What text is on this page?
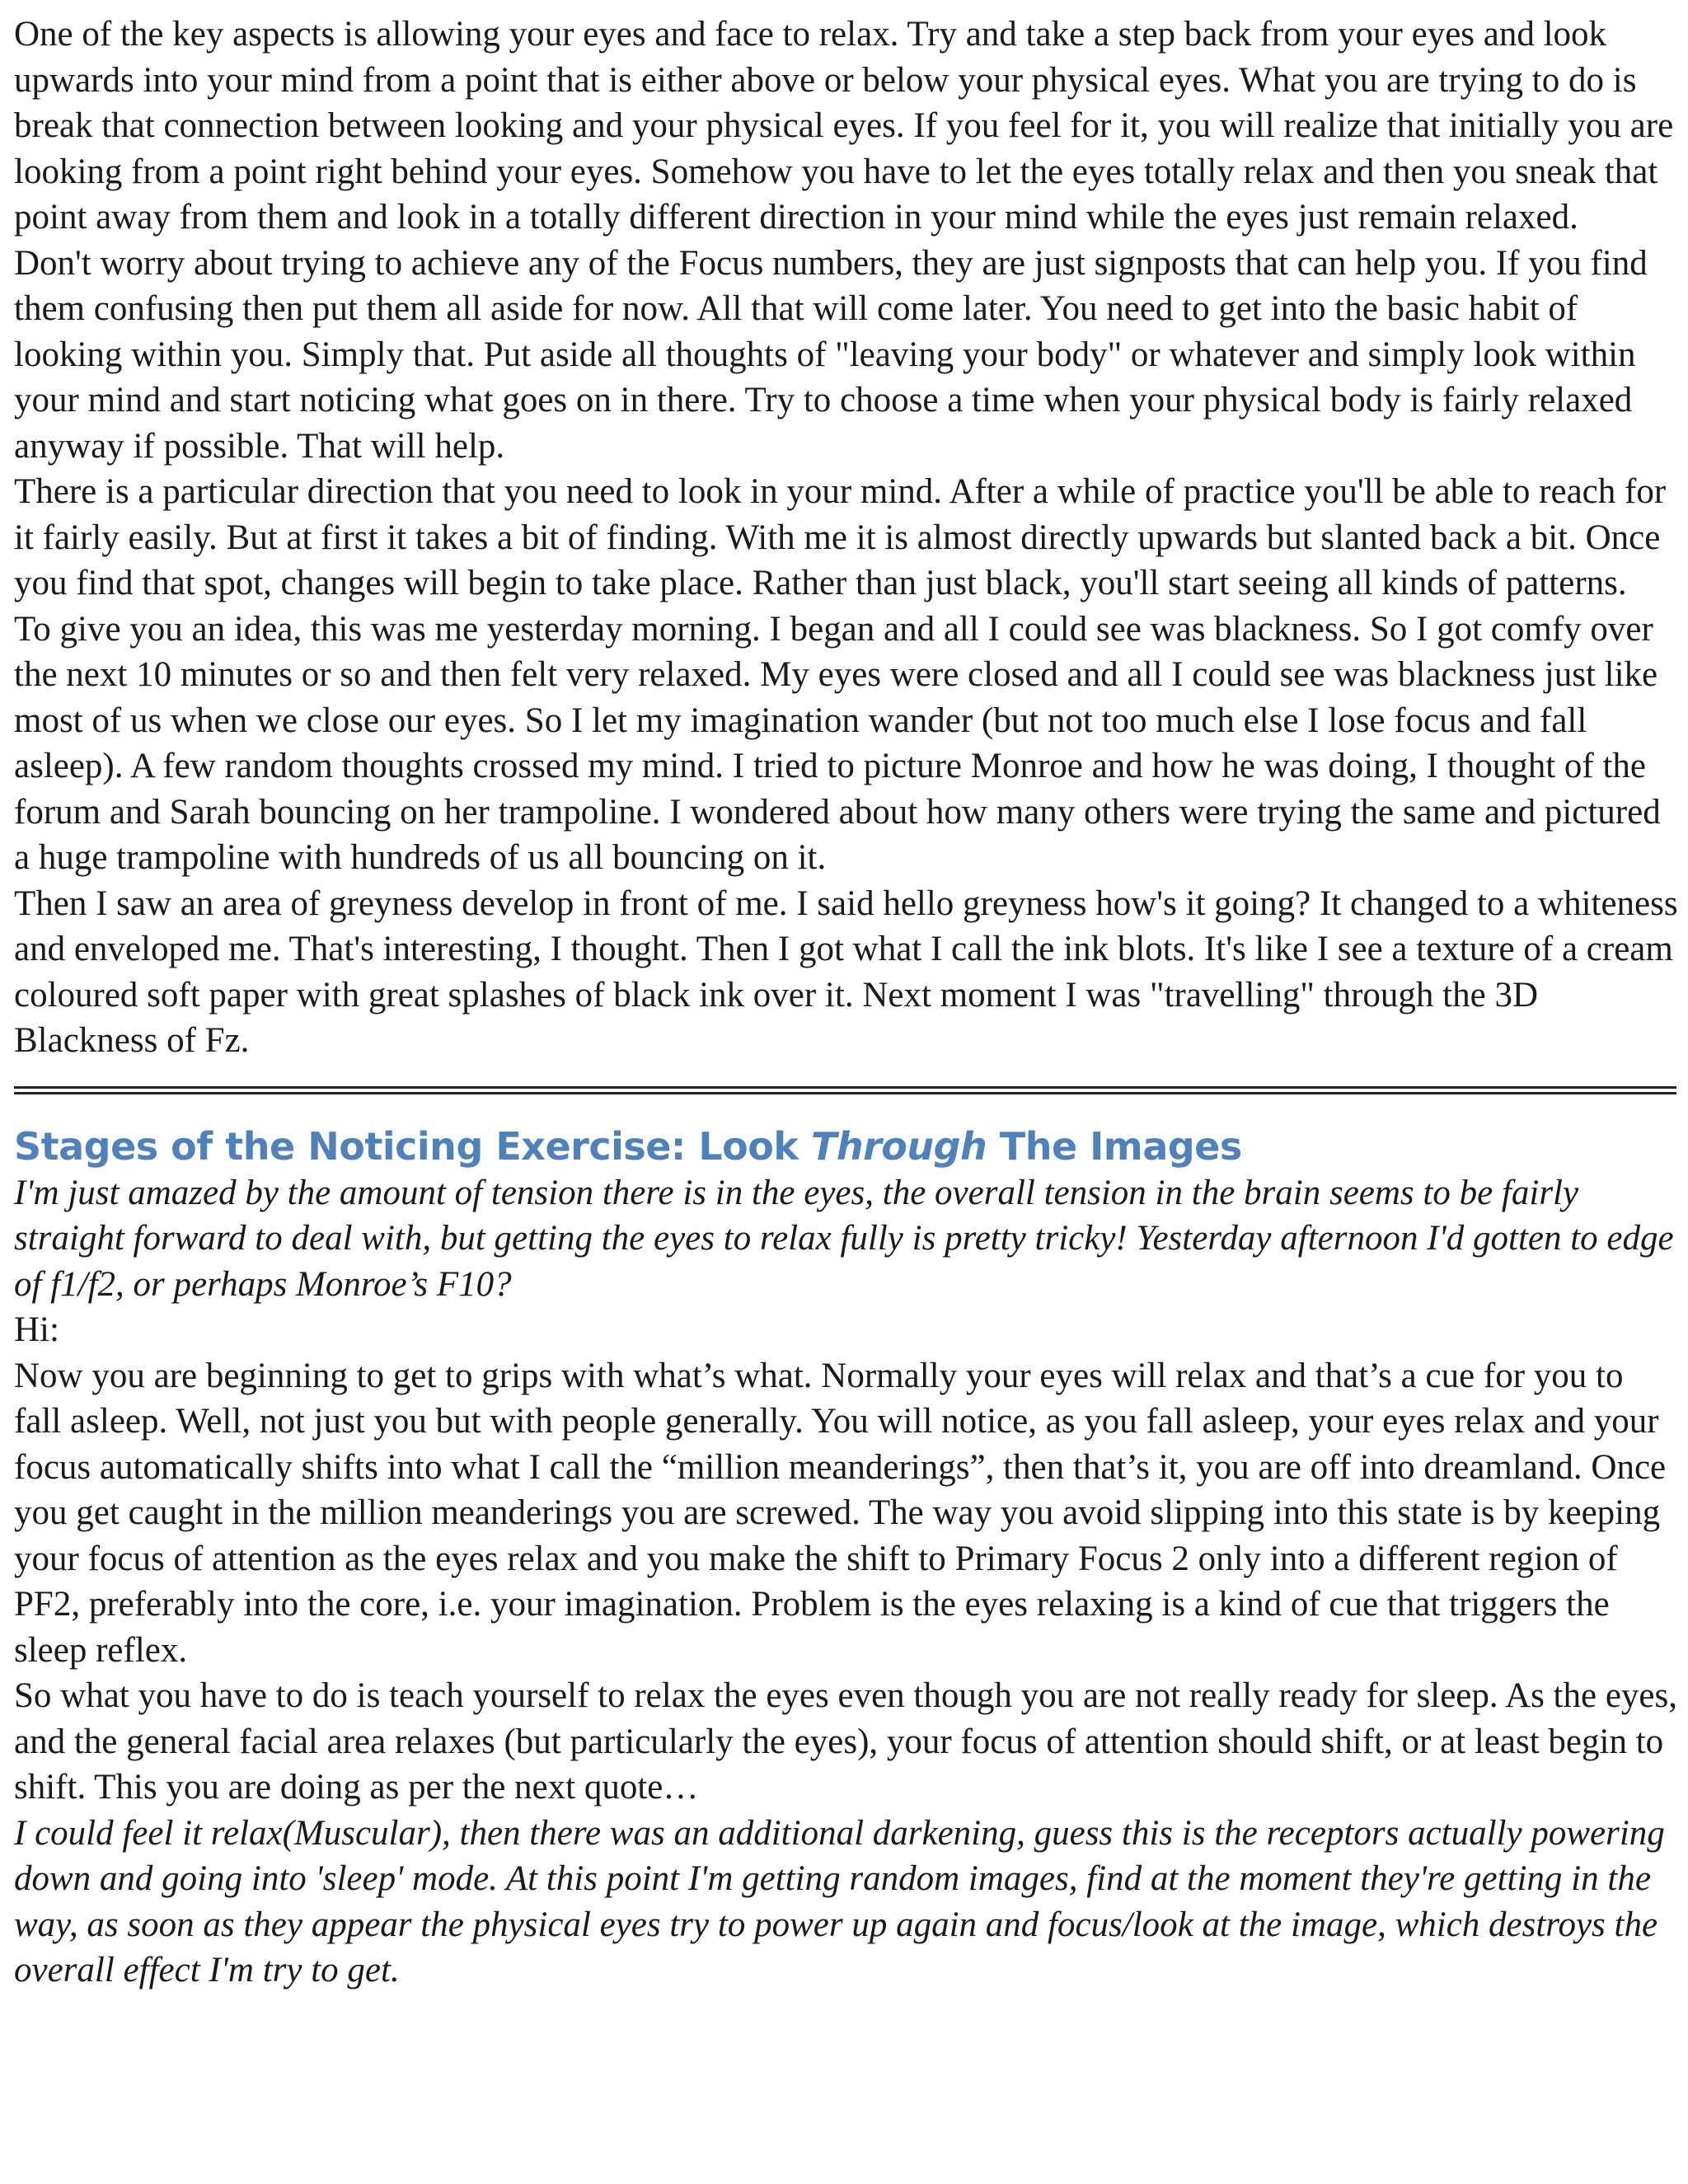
One of the key aspects is allowing your eyes and face to relax. Try and take a step back from your eyes and look upwards into your mind from a point that is either above or below your physical eyes. What you are trying to do is break that connection between looking and your physical eyes. If you feel for it, you will realize that initially you are looking from a point right behind your eyes. Somehow you have to let the eyes totally relax and then you sneak that point away from them and look in a totally different direction in your mind while the eyes just remain relaxed.

Don't worry about trying to achieve any of the Focus numbers, they are just signposts that can help you. If you find them confusing then put them all aside for now. All that will come later. You need to get into the basic habit of looking within you. Simply that. Put aside all thoughts of "leaving your body" or whatever and simply look within your mind and start noticing what goes on in there. Try to choose a time when your physical body is fairly relaxed anyway if possible. That will help.

There is a particular direction that you need to look in your mind. After a while of practice you'll be able to reach for it fairly easily. But at first it takes a bit of finding. With me it is almost directly upwards but slanted back a bit. Once you find that spot, changes will begin to take place. Rather than just black, you'll start seeing all kinds of patterns.

To give you an idea, this was me yesterday morning. I began and all I could see was blackness. So I got comfy over the next 10 minutes or so and then felt very relaxed. My eyes were closed and all I could see was blackness just like most of us when we close our eyes. So I let my imagination wander (but not too much else I lose focus and fall asleep). A few random thoughts crossed my mind. I tried to picture Monroe and how he was doing, I thought of the forum and Sarah bouncing on her trampoline. I wondered about how many others were trying the same and pictured a huge trampoline with hundreds of us all bouncing on it.

Then I saw an area of greyness develop in front of me. I said hello greyness how's it going? It changed to a whiteness and enveloped me. That's interesting, I thought. Then I got what I call the ink blots. It's like I see a texture of a cream coloured soft paper with great splashes of black ink over it. Next moment I was "travelling" through the 3D Blackness of Fz.

Stages of the Noticing Exercise: Look Through The Images

I'm just amazed by the amount of tension there is in the eyes, the overall tension in the brain seems to be fairly straight forward to deal with, but getting the eyes to relax fully is pretty tricky! Yesterday afternoon I'd gotten to edge of f1/f2, or perhaps Monroe’s F10?

Hi:

Now you are beginning to get to grips with what’s what. Normally your eyes will relax and that’s a cue for you to fall asleep. Well, not just you but with people generally. You will notice, as you fall asleep, your eyes relax and your focus automatically shifts into what I call the “million meanderings”, then that’s it, you are off into dreamland. Once you get caught in the million meanderings you are screwed. The way you avoid slipping into this state is by keeping your focus of attention as the eyes relax and you make the shift to Primary Focus 2 only into a different region of PF2, preferably into the core, i.e. your imagination. Problem is the eyes relaxing is a kind of cue that triggers the sleep reflex.

So what you have to do is teach yourself to relax the eyes even though you are not really ready for sleep. As the eyes, and the general facial area relaxes (but particularly the eyes), your focus of attention should shift, or at least begin to shift. This you are doing as per the next quote…

I could feel it relax(Muscular), then there was an additional darkening, guess this is the receptors actually powering down and going into 'sleep' mode. At this point I'm getting random images, find at the moment they're getting in the way, as soon as they appear the physical eyes try to power up again and focus/look at the image, which destroys the overall effect I'm try to get.
